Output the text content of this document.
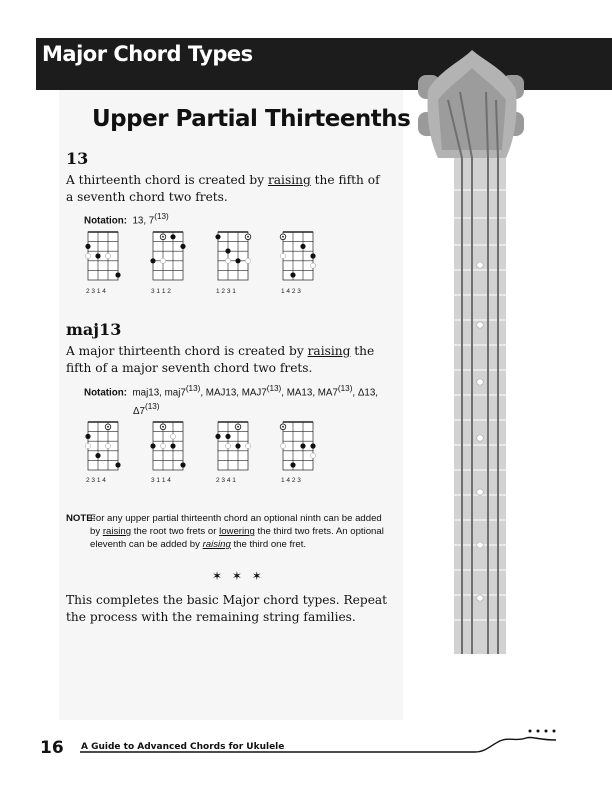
Major Chord Types
Upper Partial Thirteenths
13
A thirteenth chord is created by raising the fifth of a seventh chord two frets.
Notation: 13, 7$^{(13)}$
2 3 1 4	3 1 1 2	1 2 3 1	1 4 2 3
maj13
A major thirteenth chord is created by raising the fifth of a major seventh chord two frets.
Notation: maj13, maj7$^{(13)}$, MAJ13, MAJ7$^{(13)}$, MA13, MA7$^{(13)}$, Δ13,
Δ7$^{(13)}$
2 3 1 4	3 1 1 4	2 3 4 1	1 4 2 3
NOTE:
For any upper partial thirteenth chord an optional ninth can be added by raising the root two frets or lowering the third two frets. An optional eleventh can be added by raising the third one fret.
✶ ✶ ✶
This completes the basic Major chord types. Repeat the process with the remaining string families.
16 A Guide to Advanced Chords for Ukulele
